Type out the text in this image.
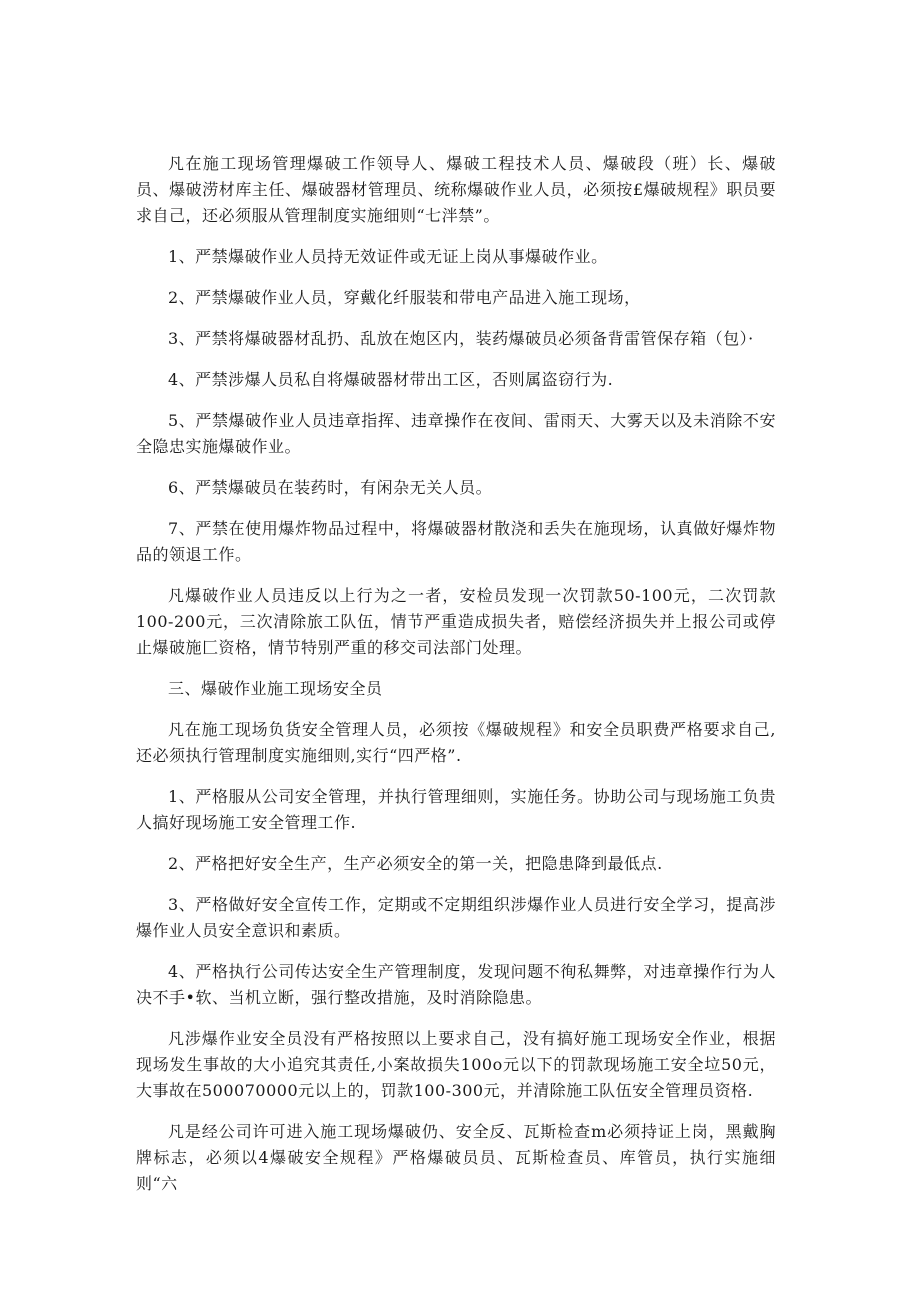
凡在施工现场管理爆破工作领导人、爆破工程技术人员、爆破段（班）长、爆破员、爆破涝材库主任、爆破器材管理员、统称爆破作业人员，必须按£爆破规程》职员要求自己，还必须服从管理制度实施细则“七泮禁”。

1、严禁爆破作业人员持无效证件或无证上岗从事爆破作业。

2、严禁爆破作业人员，穿戴化纤服装和带电产品进入施工现场，

3、严禁将爆破器材乱扔、乱放在炮区内，装药爆破员必须备背雷管保存箱（包）·

4、严禁涉爆人员私自将爆破器材带出工区，否则属盗窃行为.

5、严禁爆破作业人员违章指挥、违章操作在夜间、雷雨天、大雾天以及未消除不安全隐忠实施爆破作业。

6、严禁爆破员在装药时，有闲杂无关人员。

7、严禁在使用爆炸物品过程中，将爆破器材散浇和丢失在施现场，认真做好爆炸物品的领退工作。

凡爆破作业人员违反以上行为之一者，安检员发现一次罚款50-100元，二次罚款100-200元，三次清除旅工队伍，情节严重造成损失者，赔偿经济损失并上报公司或停止爆破施匚资格，情节特别严重的移交司法部门处理。

三、爆破作业施工现场安全员

凡在施工现场负货安全管理人员，必须按《爆破规程》和安全员职费严格要求自己,还必须执行管理制度实施细则,实行“四严格”.

1、严格服从公司安全管理，并执行管理细则，实施任务。协助公司与现场施工负贵人搞好现场施工安全管理工作.

2、严格把好安全生产，生产必须安全的第一关，把隐患降到最低点.

3、严格做好安全宣传工作，定期或不定期组织涉爆作业人员进行安全学习，提高涉爆作业人员安全意识和素质。

4、严格执行公司传达安全生产管理制度，发现问题不徇私舞弊，对违章操作行为人决不手•软、当机立断，强行整改措施，及时消除隐患。

凡涉爆作业安全员没有严格按照以上要求自己，没有搞好施工现场安全作业，根据现场发生事故的大小追究其责任,小案故损失100o元以下的罚款现场施工安全垃50元，大事故在500070000元以上的，罚款100-300元，并清除施工队伍安全管理员资格.

凡是经公司许可进入施工现场爆破仍、安全反、瓦斯检查m必须持证上岗，黑戴胸牌标志，必须以4爆破安全规程》严格爆破员员、瓦斯检查员、库管员，执行实施细则“六
